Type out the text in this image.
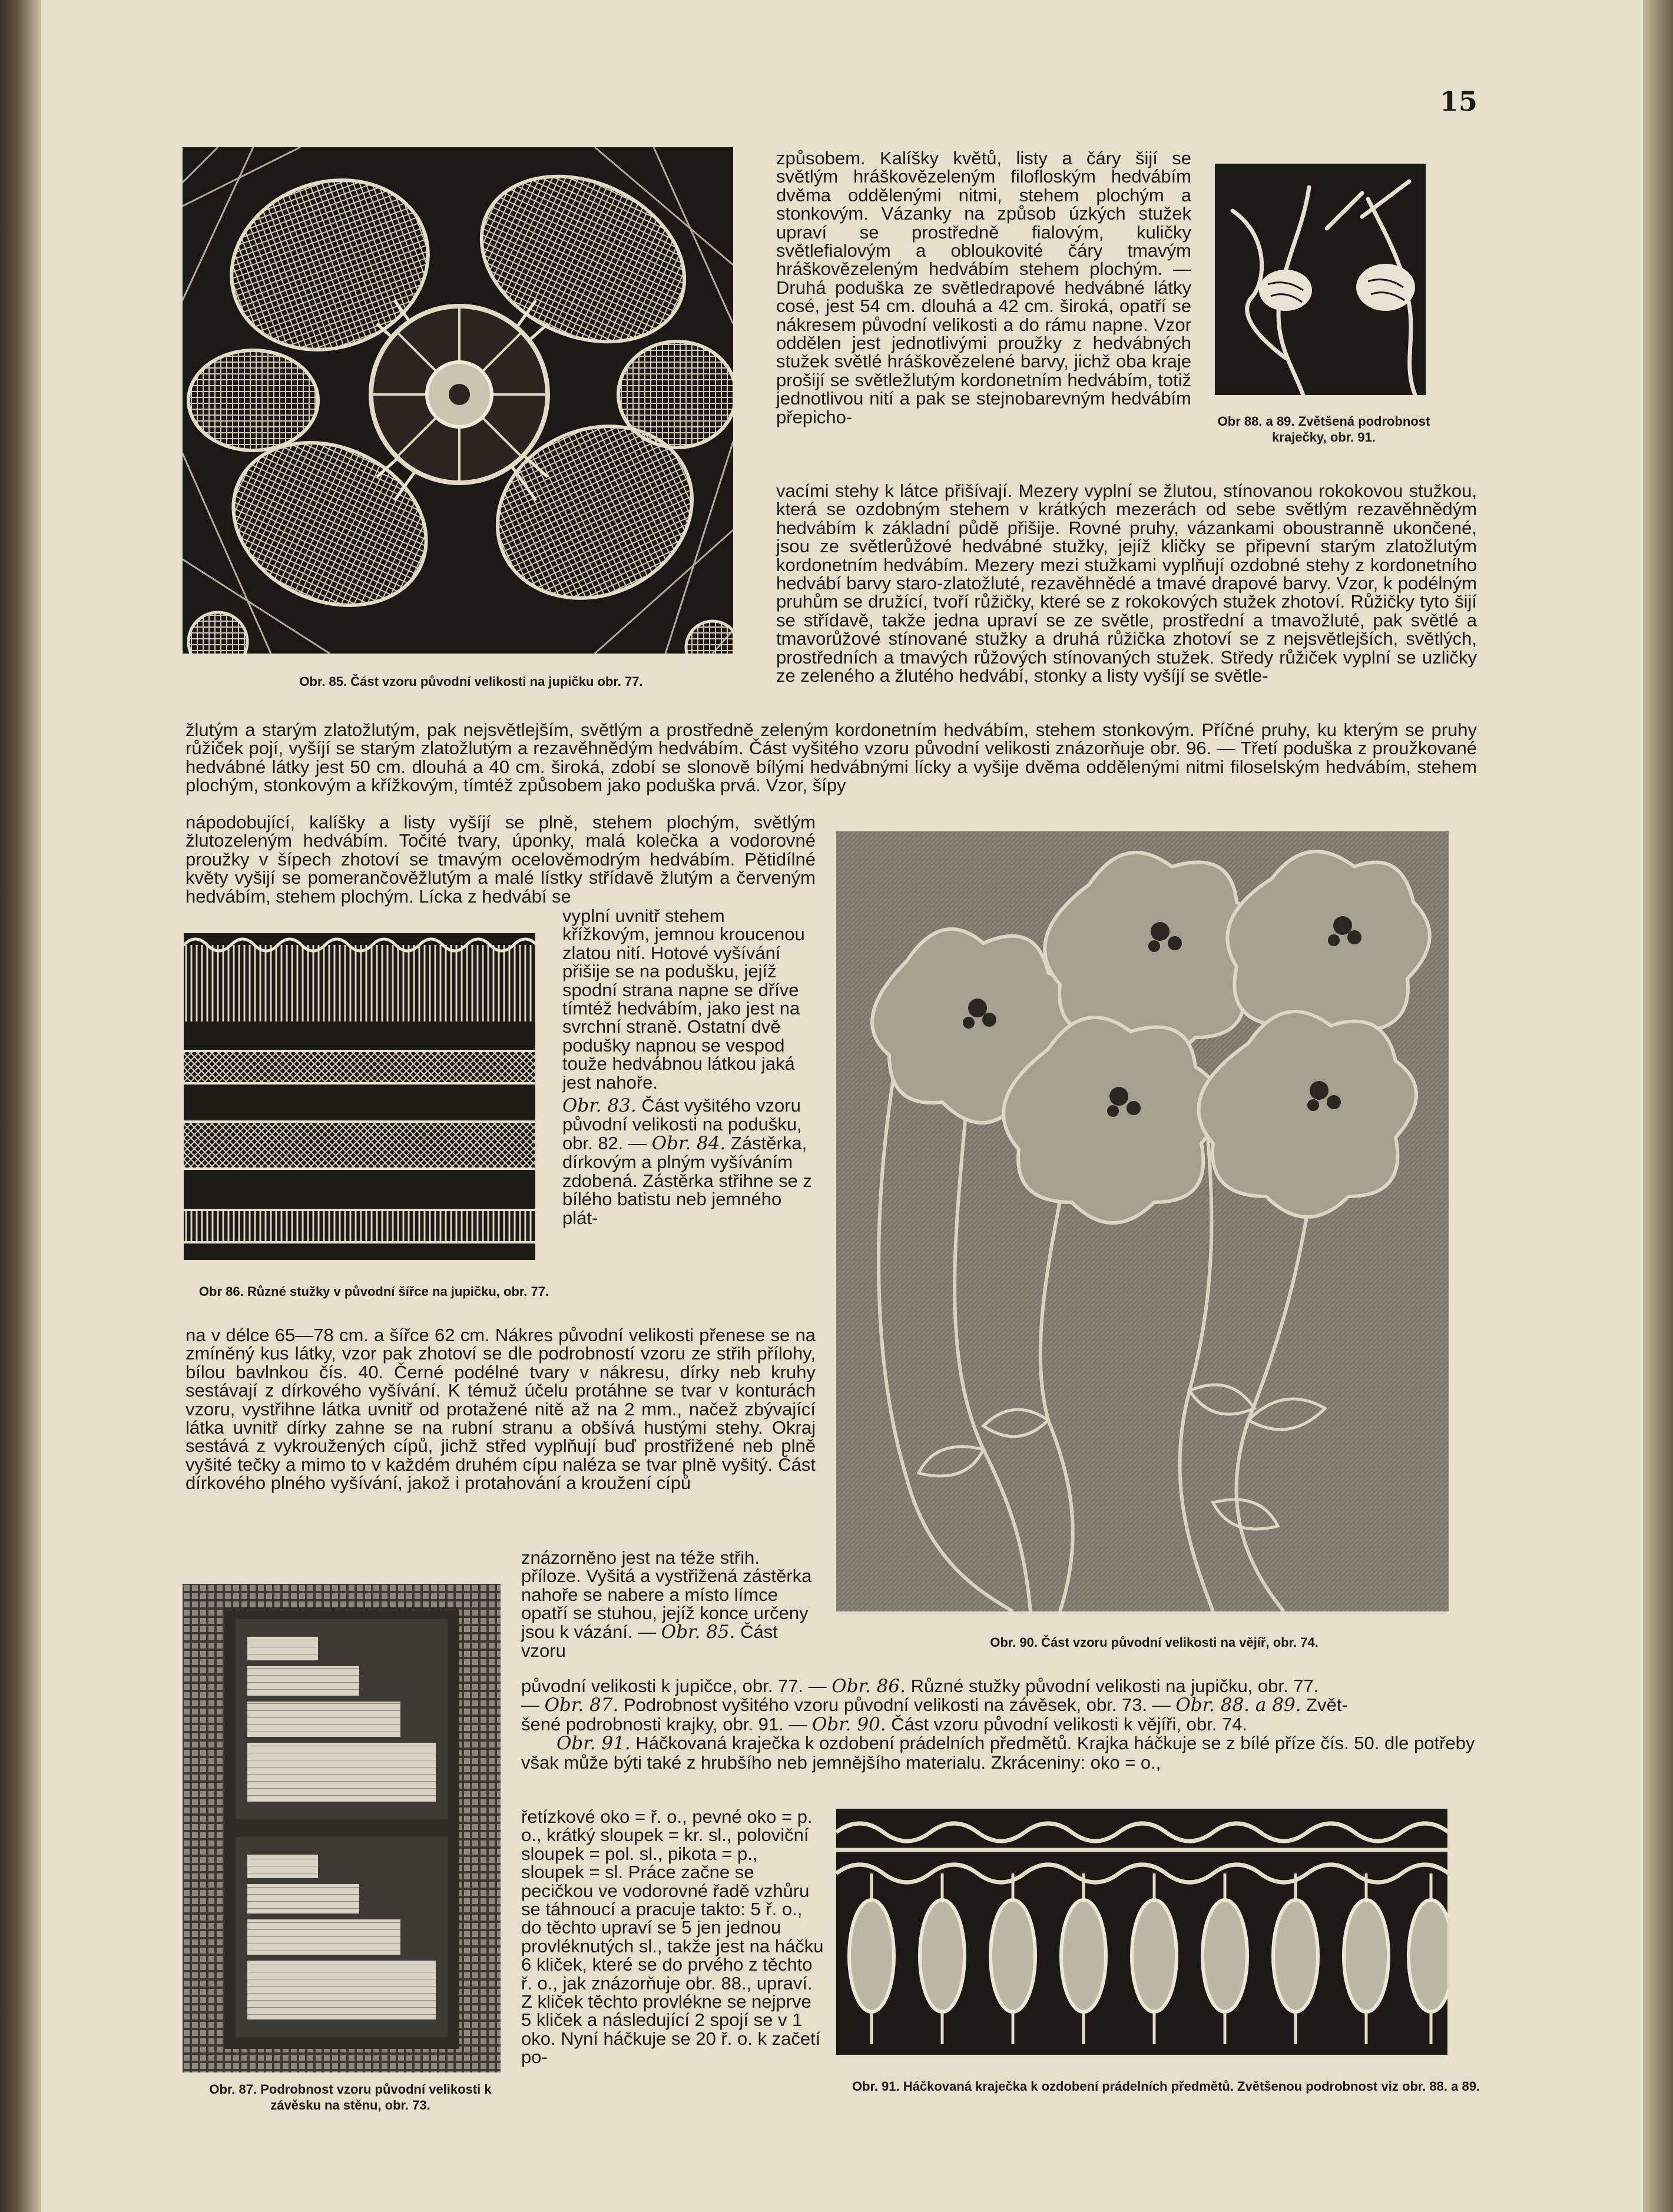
15
Obr. 85. Část vzoru původní velikosti na jupičku obr. 77.
Obr 88. a 89. Zvětšená podrobnost kraječky, obr. 91.

způsobem. Kalíšky květů, listy a čáry šijí se světlým hráškovězeleným filofloským hedvábím dvěma oddělenými nitmi, stehem plochým a stonkovým. Vázanky na způsob úzkých stužek upraví se prostředně fialovým, kuličky světlefialovým a obloukovité čáry tmavým hráškovězeleným hedvábím stehem plochým. — Druhá poduška ze světledrapové hedvábné látky cosé, jest 54 cm. dlouhá a 42 cm. široká, opatří se nákresem původní velikosti a do rámu napne. Vzor oddělen jest jednotlivými proužky z hedvábných stužek světlé hráškovězelené barvy, jichž oba kraje prošijí se světležlutým kordonetním hedvábím, totiž jednotlivou nití a pak se stejnobarevným hedvábím přepicho-

vacími stehy k látce přišívají. Mezery vyplní se žlutou, stínovanou rokokovou stužkou, která se ozdobným stehem v krátkých mezerách od sebe světlým rezavěhnědým hedvábím k základní půdě přišije. Rovné pruhy, vázankami oboustranně ukončené, jsou ze světlerůžové hedvábné stužky, jejíž kličky se připevní starým zlatožlutým kordonetním hedvábím. Mezery mezi stužkami vyplňují ozdobné stehy z kordonetního hedvábí barvy staro-zlatožluté, rezavěhnědé a tmavé drapové barvy. Vzor, k podélným pruhům se družící, tvoří růžičky, které se z rokokových stužek zhotoví. Růžičky tyto šijí se střídavě, takže jedna upraví se ze světle, prostřední a tmavožluté, pak světlé a tmavorůžové stínované stužky a druhá růžička zhotoví se z nejsvětlejších, světlých, prostředních a tmavých růžových stínovaných stužek. Středy růžiček vyplní se uzličky ze zeleného a žlutého hedvábí, stonky a listy vyšíjí se světle-

žlutým a starým zlatožlutým, pak nejsvětlejším, světlým a prostředně zeleným kordonetním hedvábím, stehem stonkovým. Příčné pruhy, ku kterým se pruhy růžiček pojí, vyšíjí se starým zlatožlutým a rezavěhnědým hedvábím. Část vyšitého vzoru původní velikosti znázorňuje obr. 96. — Třetí poduška z proužkované hedvábné látky jest 50 cm. dlouhá a 40 cm. široká, zdobí se slonově bílými hedvábnými lícky a vyšije dvěma oddělenými nitmi filoselským hedvábím, stehem plochým, stonkovým a křížkovým, tímtéž způsobem jako poduška prvá. Vzor, šípy

nápodobující, kalíšky a listy vyšíjí se plně, stehem plochým, světlým žlutozeleným hedvábím. Točité tvary, úponky, malá kolečka a vodorovné proužky v šípech zhotoví se tmavým ocelověmodrým hedvábím. Pětidílné květy vyšijí se pomerančověžlutým a malé lístky střídavě žlutým a červeným hedvábím, stehem plochým. Lícka z hedvábí se

Obr 86. Různé stužky v původní šířce na jupičku, obr. 77.

vyplní uvnitř stehem křížkovým, jemnou kroucenou zlatou nití. Hotové vyšívání přišije se na podušku, jejíž spodní strana napne se dříve tímtéž hedvábím, jako jest na svrchní straně. Ostatní dvě podušky napnou se vespod touže hedvábnou látkou jaká jest nahoře.

Obr. 83. Část vyšitého vzoru původní velikosti na podušku, obr. 82. — Obr. 84. Zástěrka, dírkovým a plným vyšíváním zdobená. Zástěrka střihne se z bílého batistu neb jemného plát-

Obr. 90. Část vzoru původní velikosti na vějíř, obr. 74.

na v délce 65—78 cm. a šířce 62 cm. Nákres původní velikosti přenese se na zmíněný kus látky, vzor pak zhotoví se dle podrobností vzoru ze střih přílohy, bílou bavlnkou čís. 40. Černé podélné tvary v nákresu, dírky neb kruhy sestávají z dírkového vyšívání. K témuž účelu protáhne se tvar v konturách vzoru, vystřihne látka uvnitř od protažené nitě až na 2 mm., načež zbývající látka uvnitř dírky zahne se na rubní stranu a obšívá hustými stehy. Okraj sestává z vykroužených cípů, jichž střed vyplňují buď prostřižené neb plně vyšité tečky a mimo to v každém druhém cípu naléza se tvar plně vyšitý. Část dírkového plného vyšívání, jakož i protahování a kroužení cípů

Obr. 87. Podrobnost vzoru původní velikosti k závěsku na stěnu, obr. 73.

znázorněno jest na téže střih. příloze. Vyšitá a vystřižená zástěrka nahoře se nabere a místo límce opatří se stuhou, jejíž konce určeny jsou k vázání. — Obr. 85. Část vzoru

původní velikosti k jupičce, obr. 77. — Obr. 86. Různé stužky původní velikosti na jupičku, obr. 77.

— Obr. 87. Podrobnost vyšitého vzoru původní velikosti na závěsek, obr. 73. — Obr. 88. a 89. Zvět-

šené podrobnosti krajky, obr. 91. — Obr. 90. Část vzoru původní velikosti k vějíři, obr. 74.

Obr. 91. Háčkovaná kraječka k ozdobení prádelních předmětů. Krajka háčkuje se z bílé příze čís. 50. dle potřeby však může býti také z hrubšího neb jemnějšího materialu. Zkráceniny: oko = o.,

řetízkové oko = ř. o., pevné oko = p. o., krátký sloupek = kr. sl., poloviční sloupek = pol. sl., pikota = p., sloupek = sl. Práce začne se pecičkou ve vodorovné řadě vzhůru se táhnoucí a pracuje takto: 5 ř. o., do těchto upraví se 5 jen jednou provléknutých sl., takže jest na háčku 6 kliček, které se do prvého z těchto ř. o., jak znázorňuje obr. 88., upraví. Z kliček těchto provlékne se nejprve 5 kliček a následující 2 spojí se v 1 oko. Nyní háčkuje se 20 ř. o. k začetí po-

Obr. 91. Háčkovaná kraječka k ozdobení prádelních předmětů. Zvětšenou podrobnost viz obr. 88. a 89.
